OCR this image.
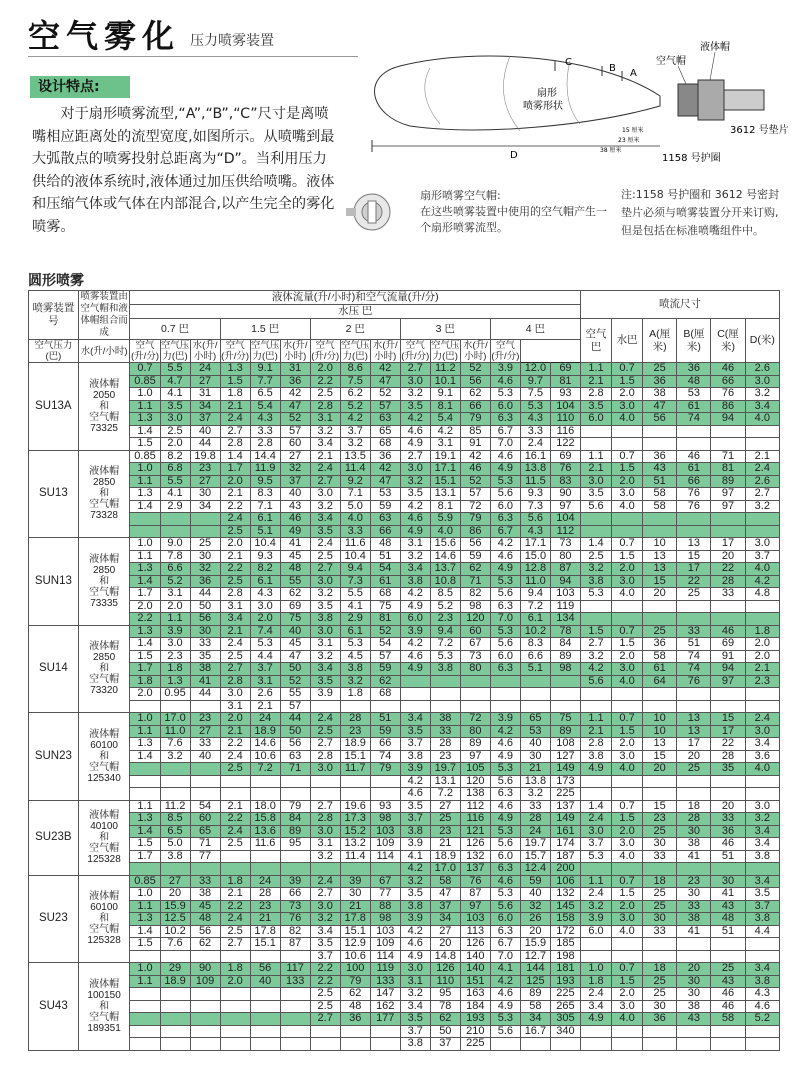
空气雾化 压力喷雾装置
设计特点:
对于扇形喷雾流型,“A”,“B”,“C”尺寸是离喷嘴相应距离处的流型宽度,如图所示。从喷嘴到最大弧散点的喷雾投射总距离为“D”。当利用压力供给的液体系统时,液体通过加压供给喷嘴。液体和压缩气体或气体在内部混合,以产生完全的雾化喷雾。
扇形
喷雾形状
C
B A
液体帽
空气帽
3612 号垫片
1158 号护圈
D
15 厘米
23 厘米
38 厘米
扇形喷雾空气帽:
在这些喷雾装置中使用的空气帽产生一个扇形喷雾流型。
注:1158 号护圈和 3612 号密封垫片必须与喷雾装置分开来订购,但是包括在标准喷嘴组件中。
圆形喷雾
喷雾装置号	喷雾装置由空气帽和液体帽组合而成	液体流量(升/小时)和空气流量(升/分)															喷流尺寸					
		水压 巴																				
		0.7 巴			1.5 巴			2 巴			3 巴			4 巴			空气巴	水巴	A(厘米)	B(厘米)	C(厘米)	D(米)
空气压力(巴)	水(升/小时)	空气(升/分)	空气压力(巴)	水(升/小时)	空气(升/分)	空气压力(巴)	水(升/小时)	空气(升/分)	空气压力(巴)	水(升/小时)	空气(升/分)	空气压力(巴)	水(升/小时)	空气(升/分)								
SU13A	液体帽
2050
和
空气帽
73325	0.7	5.5	24	1.3	9.1	31	2.0	8.6	42	2.7	11.2	52	3.9	12.0	69	1.1	0.7	25	36	46	2.6
		0.85	4.7	27	1.5	7.7	36	2.2	7.5	47	3.0	10.1	56	4.6	9.7	81	2.1	1.5	36	48	66	3.0
		1.0	4.1	31	1.8	6.5	42	2.5	6.2	52	3.2	9.1	62	5.3	7.5	93	2.8	2.0	38	53	76	3.2
		1.1	3.5	34	2.1	5.4	47	2.8	5.2	57	3.5	8.1	66	6.0	5.3	104	3.5	3.0	47	61	86	3.4
		1.3	3.0	37	2.4	4.3	52	3.1	4.2	63	4.2	5.4	79	6.3	4.3	110	6.0	4.0	56	74	94	4.0
		1.4	2.5	40	2.7	3.3	57	3.2	3.7	65	4.6	4.2	85	6.7	3.3	116						
		1.5	2.0	44	2.8	2.8	60	3.4	3.2	68	4.9	3.1	91	7.0	2.4	122						
SU13	液体帽
2850
和
空气帽
73328	0.85	8.2	19.8	1.4	14.4	27	2.1	13.5	36	2.7	19.1	42	4.6	16.1	69	1.1	0.7	36	46	71	2.1
		1.0	6.8	23	1.7	11.9	32	2.4	11.4	42	3.0	17.1	46	4.9	13.8	76	2.1	1.5	43	61	81	2.4
		1.1	5.5	27	2.0	9.5	37	2.7	9.2	47	3.2	15.1	52	5.3	11.5	83	3.0	2.0	51	66	89	2.6
		1.3	4.1	30	2.1	8.3	40	3.0	7.1	53	3.5	13.1	57	5.6	9.3	90	3.5	3.0	58	76	97	2.7
		1.4	2.9	34	2.2	7.1	43	3.2	5.0	59	4.2	8.1	72	6.0	7.3	97	5.6	4.0	58	76	97	3.2
					2.4	6.1	46	3.4	4.0	63	4.6	5.9	79	6.3	5.6	104						
					2.5	5.1	49	3.5	3.3	66	4.9	4.0	86	6.7	4.3	112						
SUN13	液体帽
2850
和
空气帽
73335	1.0	9.0	25	2.0	10.4	41	2.4	11.6	48	3.1	15.6	56	4.2	17.1	73	1.4	0.7	10	13	17	3.0
		1.1	7.8	30	2.1	9.3	45	2.5	10.4	51	3.2	14.6	59	4.6	15.0	80	2.5	1.5	13	15	20	3.7
		1.3	6.6	32	2.2	8.2	48	2.7	9.4	54	3.4	13.7	62	4.9	12.8	87	3.2	2.0	13	17	22	4.0
		1.4	5.2	36	2.5	6.1	55	3.0	7.3	61	3.8	10.8	71	5.3	11.0	94	3.8	3.0	15	22	28	4.2
		1.7	3.1	44	2.8	4.3	62	3.2	5.5	68	4.2	8.5	82	5.6	9.4	103	5.3	4.0	20	25	33	4.8
		2.0	2.0	50	3.1	3.0	69	3.5	4.1	75	4.9	5.2	98	6.3	7.2	119						
		2.2	1.1	56	3.4	2.0	75	3.8	2.9	81	6.0	2.3	120	7.0	6.1	134						
SU14	液体帽
2850
和
空气帽
73320	1.3	3.9	30	2.1	7.4	40	3.0	6.1	52	3.9	9.4	60	5.3	10.2	78	1.5	0.7	25	33	46	1.8
		1.4	3.0	33	2.4	5.3	45	3.1	5.3	54	4.2	7.2	67	5.6	8.3	84	2.7	1.5	36	51	69	2.0
		1.5	2.3	35	2.5	4.4	47	3.2	4.5	57	4.6	5.3	73	6.0	6.6	89	3.2	2.0	58	74	91	2.0
		1.7	1.8	38	2.7	3.7	50	3.4	3.8	59	4.9	3.8	80	6.3	5.1	98	4.2	3.0	61	74	94	2.1
		1.8	1.3	41	2.8	3.1	52	3.5	3.2	62							5.6	4.0	64	76	97	2.3
		2.0	0.95	44	3.0	2.6	55	3.9	1.8	68												
					3.1	2.1	57															
SUN23	液体帽
60100
和
空气帽
125340	1.0	17.0	23	2.0	24	44	2.4	28	51	3.4	38	72	3.9	65	75	1.1	0.7	10	13	15	2.4
		1.1	11.0	27	2.1	18.9	50	2.5	23	59	3.5	33	80	4.2	53	89	2.1	1.5	10	13	17	3.0
		1.3	7.6	33	2.2	14.6	56	2.7	18.9	66	3.7	28	89	4.6	40	108	2.8	2.0	13	17	22	3.4
		1.4	3.2	40	2.4	10.6	63	2.8	15.1	74	3.8	23	97	4.9	30	127	3.8	3.0	15	20	28	3.6
					2.5	7.2	71	3.0	11.7	79	3.9	19.7	105	5.3	21	149	4.9	4.0	20	25	35	4.0
											4.2	13.1	120	5.6	13.8	173						
											4.6	7.2	138	6.3	3.2	225						
SU23B	液体帽
40100
和
空气帽
125328	1.1	11.2	54	2.1	18.0	79	2.7	19.6	93	3.5	27	112	4.6	33	137	1.4	0.7	15	18	20	3.0
		1.3	8.5	60	2.2	15.8	84	2.8	17.3	98	3.7	25	116	4.9	28	149	2.4	1.5	23	28	33	3.2
		1.4	6.5	65	2.4	13.6	89	3.0	15.2	103	3.8	23	121	5.3	24	161	3.0	2.0	25	30	36	3.4
		1.5	5.0	71	2.5	11.6	95	3.1	13.2	109	3.9	21	126	5.6	19.7	174	3.7	3.0	30	38	46	3.4
		1.7	3.8	77				3.2	11.4	114	4.1	18.9	132	6.0	15.7	187	5.3	4.0	33	41	51	3.8
											4.2	17.0	137	6.3	12.4	200						
SU23	液体帽
60100
和
空气帽
125328	0.85	27	33	1.8	24	39	2.4	39	67	3.2	58	76	4.6	59	106	1.1	0.7	18	23	30	3.4
		1.0	20	38	2.1	28	66	2.7	30	77	3.5	47	87	5.3	40	132	2.4	1.5	25	30	41	3.5
		1.1	15.9	45	2.2	23	73	3.0	21	88	3.8	37	97	5.6	32	145	3.2	2.0	25	33	43	3.7
		1.3	12.5	48	2.4	21	76	3.2	17.8	98	3.9	34	103	6.0	26	158	3.9	3.0	30	38	48	3.8
		1.4	10.2	56	2.5	17.8	82	3.4	15.1	103	4.2	27	113	6.3	20	172	6.0	4.0	33	41	51	4.4
		1.5	7.6	62	2.7	15.1	87	3.5	12.9	109	4.6	20	126	6.7	15.9	185						
								3.7	10.6	114	4.9	14.8	140	7.0	12.7	198						
SU43	液体帽
100150
和
空气帽
189351	1.0	29	90	1.8	56	117	2.2	100	119	3.0	126	140	4.1	144	181	1.0	0.7	18	20	25	3.4
		1.1	18.9	109	2.0	40	133	2.2	79	133	3.1	110	151	4.2	125	193	1.8	1.5	25	30	43	3.8
								2.5	62	147	3.2	95	163	4.6	89	225	2.4	2.0	25	30	46	4.3
								2.5	48	162	3.4	78	184	4.9	58	265	3.4	3.0	30	38	46	4.6
								2.7	36	177	3.5	62	193	5.3	34	305	4.9	4.0	36	43	58	5.2
											3.7	50	210	5.6	16.7	340						
											3.8	37	225									
